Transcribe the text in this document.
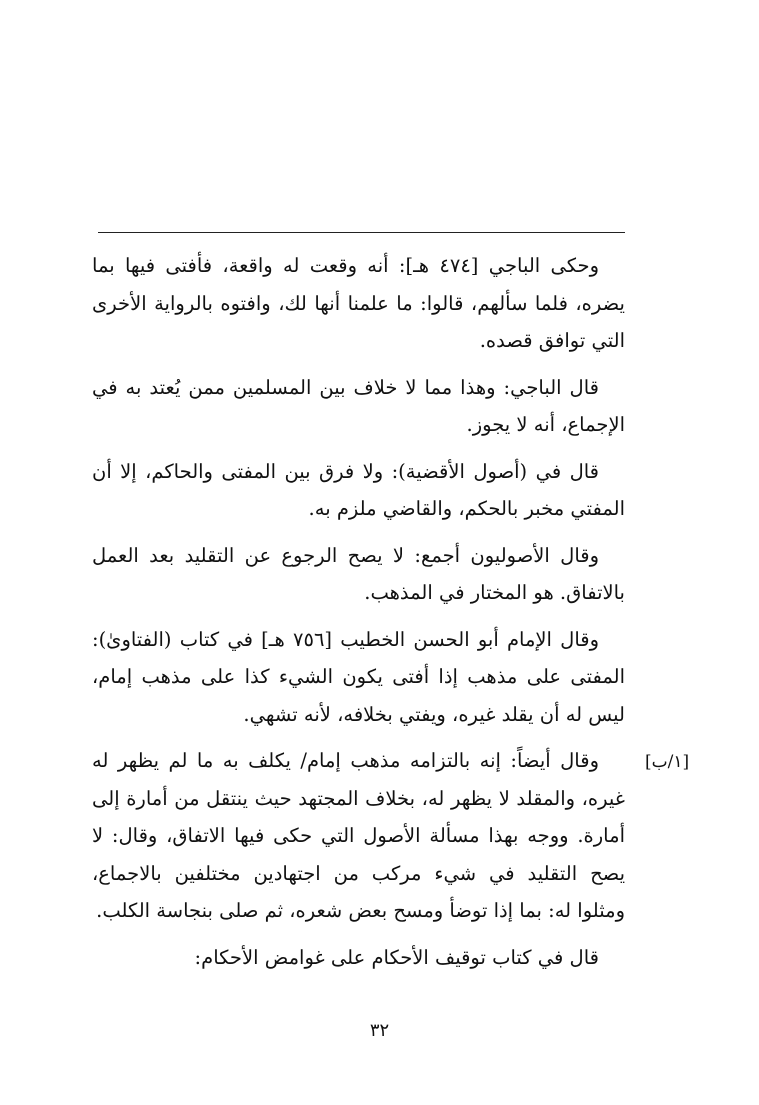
وحكى الباجي [٤٧٤ هـ]: أنه وقعت له واقعة، فأفتى فيها بما يضره، فلما سألهم، قالوا: ما علمنا أنها لك، وافتوه بالرواية الأخرى التي توافق قصده.

قال الباجي: وهذا مما لا خلاف بين المسلمين ممن يُعتد به في الإجماع، أنه لا يجوز.

قال في (أصول الأقضية): ولا فرق بين المفتى والحاكم، إلا أن المفتي مخبر بالحكم، والقاضي ملزم به.

وقال الأصوليون أجمع: لا يصح الرجوع عن التقليد بعد العمل بالاتفاق. هو المختار في المذهب.

وقال الإمام أبو الحسن الخطيب [٧٥٦ هـ] في كتاب (الفتاوىٰ): المفتى على مذهب إذا أفتى يكون الشيء كذا على مذهب إمام، ليس له أن يقلد غيره، ويفتي بخلافه، لأنه تشهي.

وقال أيضاً: إنه بالتزامه مذهب إمام/ يكلف به ما لم يظهر له غيره، والمقلد لا يظهر له، بخلاف المجتهد حيث ينتقل من أمارة إلى أمارة. ووجه بهذا مسألة الأصول التي حكى فيها الاتفاق، وقال: لا يصح التقليد في شيء مركب من اجتهادين مختلفين بالاجماع، ومثلوا له: بما إذا توضأ ومسح بعض شعره، ثم صلى بنجاسة الكلب.

قال في كتاب توقيف الأحكام على غوامض الأحكام:

[١/ب]
٣٢
